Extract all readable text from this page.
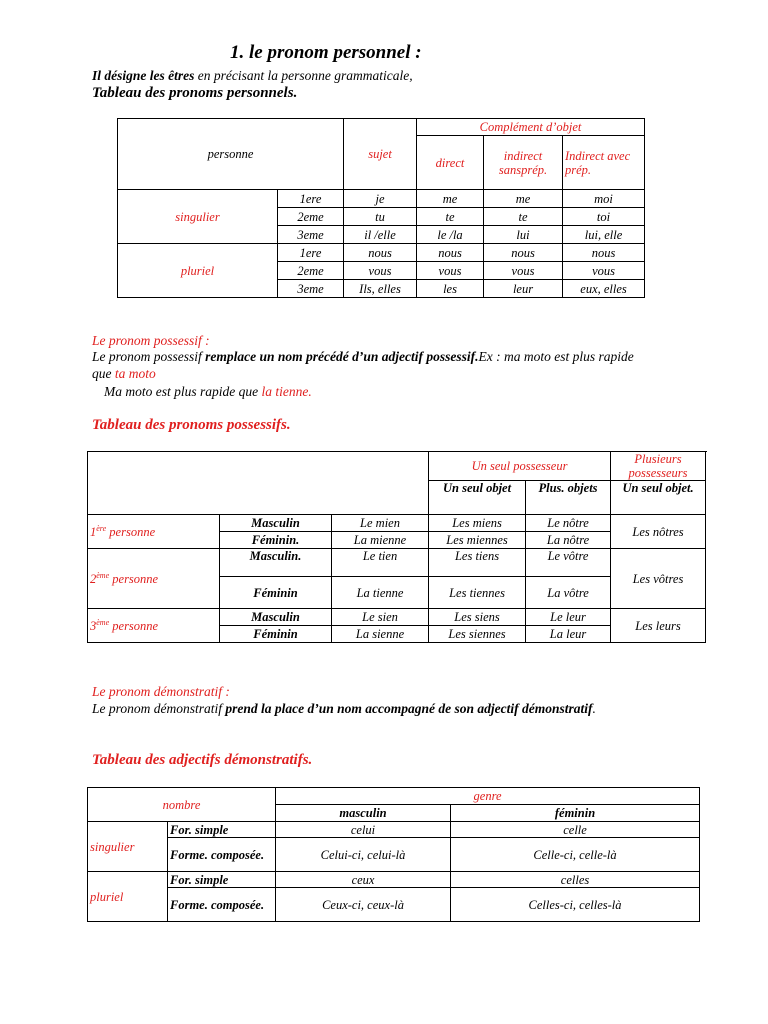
1. le pronom personnel :
Il désigne les êtres en précisant la personne grammaticale,
Tableau des pronoms personnels.
personne		sujet	Complément d’objet		
			direct	indirect sansprép.	Indirect avec prép.
singulier	1ere	je	me	me	moi
	2eme	tu	te	te	toi
	3eme	il /elle	le /la	lui	lui, elle
pluriel	1ere	nous	nous	nous	nous
	2eme	vous	vous	vous	vous
	3eme	Ils, elles	les	leur	eux, elles
Le pronom possessif :
Le pronom possessif remplace un nom précédé d’un adjectif possessif.Ex : ma moto est plus rapide
que ta moto
Ma moto est plus rapide que la tienne.
Tableau des pronoms possessifs.
			Un seul possesseur		Plusieurs possesseurs	
			Un seul objet	Plus. objets	Un seul objet.	
1ère personne	Masculin	Le mien	Les miens	Le nôtre	Les nôtres	
	Féminin.	La mienne	Les miennes	La nôtre		
2ème personne	Masculin.	Le tien	Les tiens	Le vôtre	Les vôtres	
	Féminin	La tienne	Les tiennes	La vôtre		
3ème personne	Masculin	Le sien	Les siens	Le leur	Les leurs	
	Féminin	La sienne	Les siennes	La leur		
Le pronom démonstratif :
Le pronom démonstratif prend la place d’un nom accompagné de son adjectif démonstratif.
Tableau des adjectifs démonstratifs.
nombre		genre	
		masculin	féminin
singulier	For. simple	celui	celle
	Forme. composée.	Celui-ci, celui-là	Celle-ci, celle-là
pluriel	For. simple	ceux	celles
	Forme. composée.	Ceux-ci, ceux-là	Celles-ci, celles-là
